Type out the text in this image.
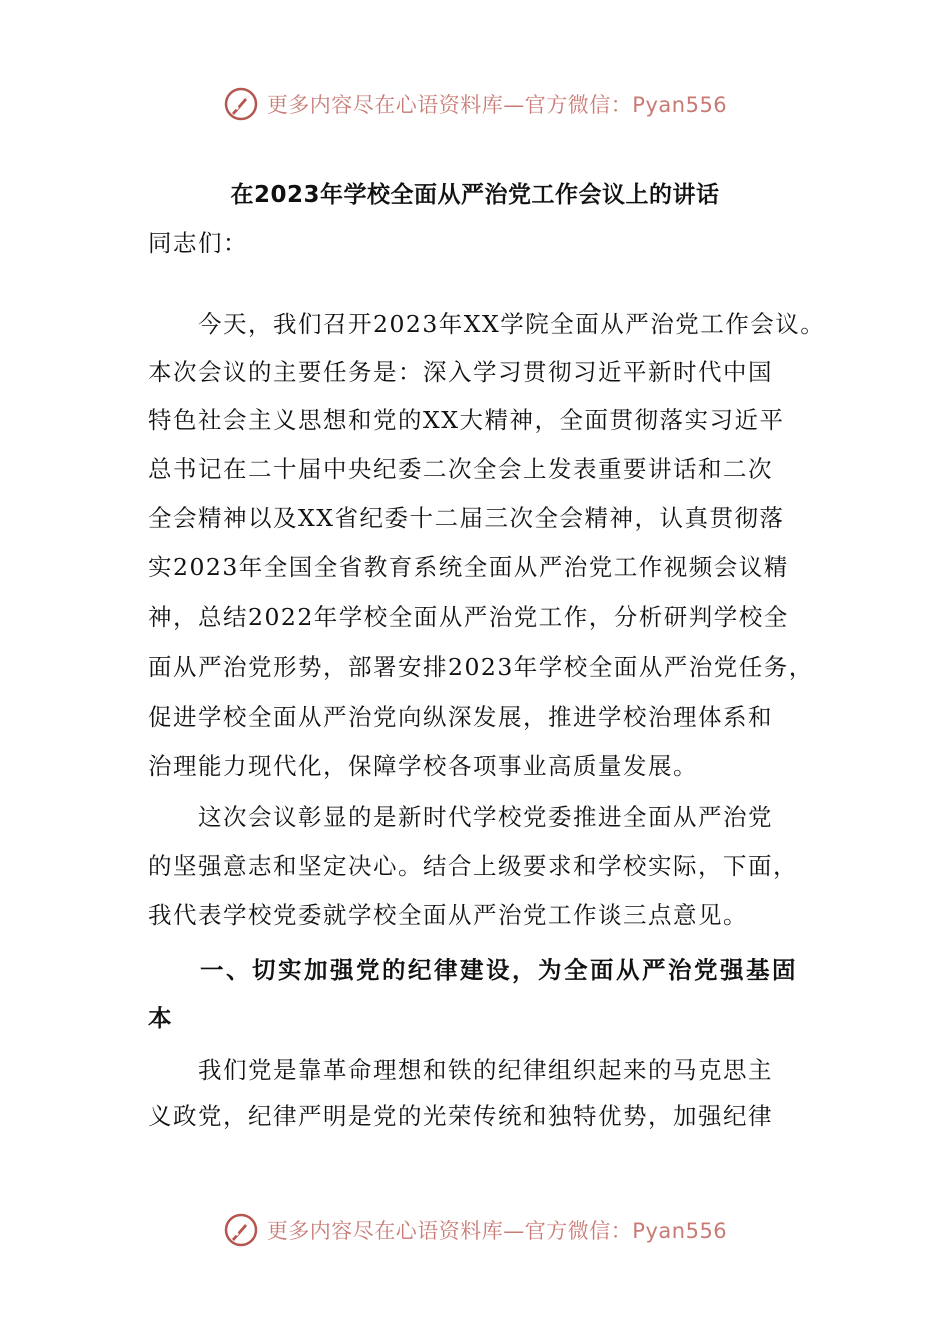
更多内容尽在心语资料库—官方微信：Pyan556
在2023年学校全面从严治党工作会议上的讲话
同志们：
　　今天，我们召开2023年XX学院全面从严治党工作会议。
本次会议的主要任务是：深入学习贯彻习近平新时代中国
特色社会主义思想和党的XX大精神，全面贯彻落实习近平
总书记在二十届中央纪委二次全会上发表重要讲话和二次
全会精神以及XX省纪委十二届三次全会精神，认真贯彻落
实2023年全国全省教育系统全面从严治党工作视频会议精
神，总结2022年学校全面从严治党工作，分析研判学校全
面从严治党形势，部署安排2023年学校全面从严治党任务，
促进学校全面从严治党向纵深发展，推进学校治理体系和
治理能力现代化，保障学校各项事业高质量发展。
　　这次会议彰显的是新时代学校党委推进全面从严治党
的坚强意志和坚定决心。结合上级要求和学校实际，下面，
我代表学校党委就学校全面从严治党工作谈三点意见。
　　一、切实加强党的纪律建设，为全面从严治党强基固
本
　　我们党是靠革命理想和铁的纪律组织起来的马克思主
义政党，纪律严明是党的光荣传统和独特优势，加强纪律
更多内容尽在心语资料库—官方微信：Pyan556
